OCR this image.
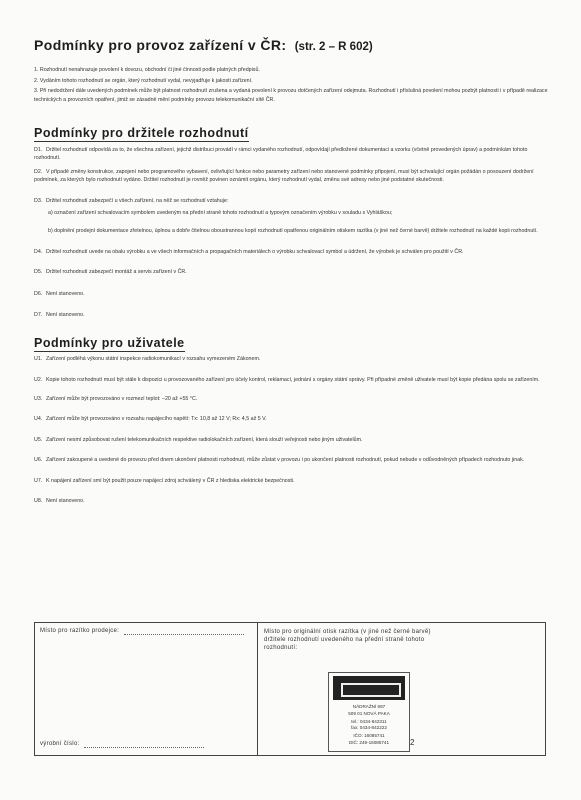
Podmínky pro provoz zařízení v ČR: (str. 2 – R 602)

1. Rozhodnutí nenahrazuje povolení k dovozu, obchodní či jiné činnosti podle platných předpisů.

2. Vydáním tohoto rozhodnutí se orgán, který rozhodnutí vydal, nevyjadřuje k jakosti zařízení.

3. Při nedodržení dále uvedených podmínek může být platnost rozhodnutí zrušena a vydaná povolení k provozu dotčených zařízení odejmuta. Rozhodnutí i příslušná povolení mohou pozbýt platnosti i v případě realizace technických a provozních opatření, jimiž se zásadně mění podmínky provozu telekomunikační sítě ČR.

Podmínky pro držitele rozhodnutí
D1. Držitel rozhodnutí odpovídá za to, že všechna zařízení, jejichž distribuci provádí v rámci vydaného rozhodnutí, odpovídají předložené dokumentaci a vzorku (včetně provedených úprav) a podmínkám tohoto rozhodnutí.
D2. V případě změny konstrukce, zapojení nebo programového vybavení, ovlivňující funkce nebo parametry zařízení nebo stanovené podmínky připojení, musí být schvalující orgán požádán o posouzení dodržení podmínek, za kterých bylo rozhodnutí vydáno. Držitel rozhodnutí je rovněž povinen oznámit orgánu, který rozhodnutí vydal, změnu své adresy nebo jiné podstatné skutečnosti.
D3. Držitel rozhodnutí zabezpečí u všech zařízení, na něž se rozhodnutí vztahuje:
a) označení zařízení schvalovacím symbolem uvedeným na přední straně tohoto rozhodnutí a typovým označením výrobku v souladu s Vyhláškou;
b) doplnění prodejní dokumentace zřetelnou, úplnou a dobře čitelnou oboustrannou kopií rozhodnutí opatřenou originálním otiskem razítka (v jiné než černé barvě) držitele rozhodnutí na každé kopii rozhodnutí.
D4. Držitel rozhodnutí uvede na obalu výrobku a ve všech informačních a propagačních materiálech o výrobku schvalovací symbol a údržení, že výrobek je schválen pro použití v ČR.
D5. Držitel rozhodnutí zabezpečí montáž a servis zařízení v ČR.
D6. Není stanoveno.
D7. Není stanoveno.
Podmínky pro uživatele
U1. Zařízení podléhá výkonu státní inspekce radiokomunikací v rozsahu vymezeném Zákonem.
U2. Kopie tohoto rozhodnutí musí být stále k dispozici u provozovaného zařízení pro účely kontrol, reklamací, jednání s orgány státní správy. Při případné změně uživatele musí být kopie předána spolu se zařízením.
U3. Zařízení může být provozováno v rozmezí teplot: –20 až +55 °C.
U4. Zařízení může být provozováno v rozsahu napájecího napětí: Tx: 10,8 až 12 V; Rx: 4,5 až 5 V.
U5. Zařízení nesmí způsobovat rušení telekomunikačních respektive radiolokačních zařízení, která slouží veřejnosti nebo jiným uživatelům.
U6. Zařízení zakoupené a uvedené do provozu před dnem ukončení platnosti rozhodnutí, může zůstat v provozu i po ukončení platnosti rozhodnutí, pokud nebude v odůvodněných případech rozhodnuto jinak.
U7. K napájení zařízení smí být použit pouze napájecí zdroj schválený v ČR z hlediska elektrické bezpečnosti.
U8. Není stanoveno.
Místo pro razítko prodejce:
výrobní číslo:
Místo pro originální otisk razítka (v jiné než černé barvě)
držitele rozhodnutí uvedeného na přední straně tohoto
rozhodnutí:
NÁDRAŽNÍ 897
509 01 NOVÁ PAKA
tel.: 0434-842311
fax: 0434-842222
IČO: 16085741
DIČ: 249-16085741	2
